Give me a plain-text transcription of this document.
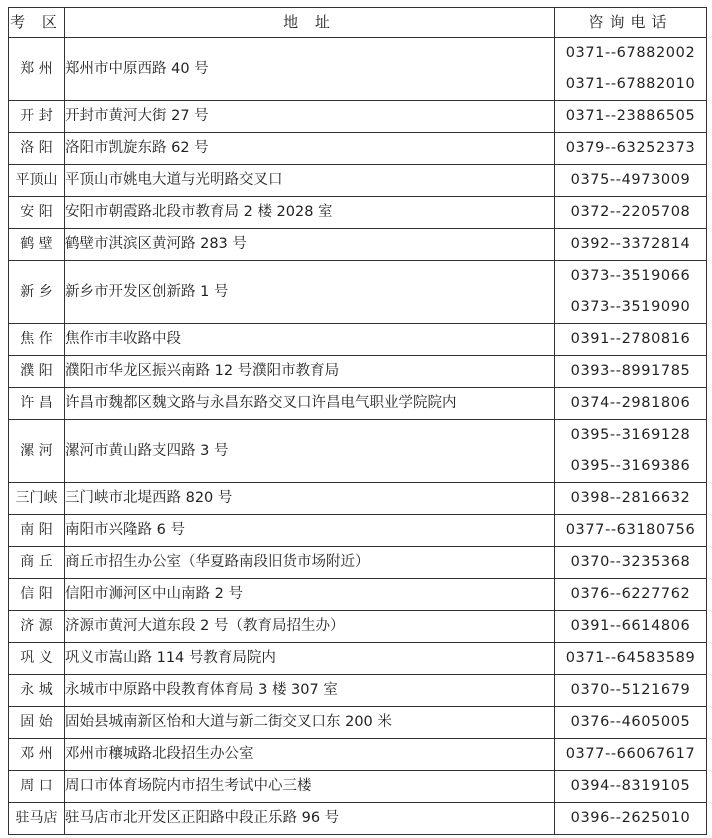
考 区	地 址	咨询电话
郑 州	郑州市中原西路 40 号	0371--67882002
0371--67882010

开 封	开封市黄河大街 27 号	0371--23886505

洛 阳	洛阳市凯旋东路 62 号	0379--63252373

平顶山	平顶山市姚电大道与光明路交叉口	0375--4973009

安 阳	安阳市朝霞路北段市教育局 2 楼 2028 室	0372--2205708

鹤 壁	鹤壁市淇滨区黄河路 283 号	0392--3372814

新 乡	新乡市开发区创新路 1 号	0373--3519066
0373--3519090

焦 作	焦作市丰收路中段	0391--2780816

濮 阳	濮阳市华龙区振兴南路 12 号濮阳市教育局	0393--8991785

许 昌	许昌市魏都区魏文路与永昌东路交叉口许昌电气职业学院院内	0374--2981806

漯 河	漯河市黄山路支四路 3 号	0395--3169128
0395--3169386

三门峡	三门峡市北堤西路 820 号	0398--2816632

南 阳	南阳市兴隆路 6 号	0377--63180756

商 丘	商丘市招生办公室（华夏路南段旧货市场附近）	0370--3235368

信 阳	信阳市浉河区中山南路 2 号	0376--6227762

济 源	济源市黄河大道东段 2 号（教育局招生办）	0391--6614806

巩 义	巩义市嵩山路 114 号教育局院内	0371--64583589

永 城	永城市中原路中段教育体育局 3 楼 307 室	0370--5121679

固 始	固始县城南新区怡和大道与新二街交叉口东 200 米	0376--4605005

邓 州	邓州市穰城路北段招生办公室	0377--66067617

周 口	周口市体育场院内市招生考试中心三楼	0394--8319105

驻马店	驻马店市北开发区正阳路中段正乐路 96 号	0396--2625010
